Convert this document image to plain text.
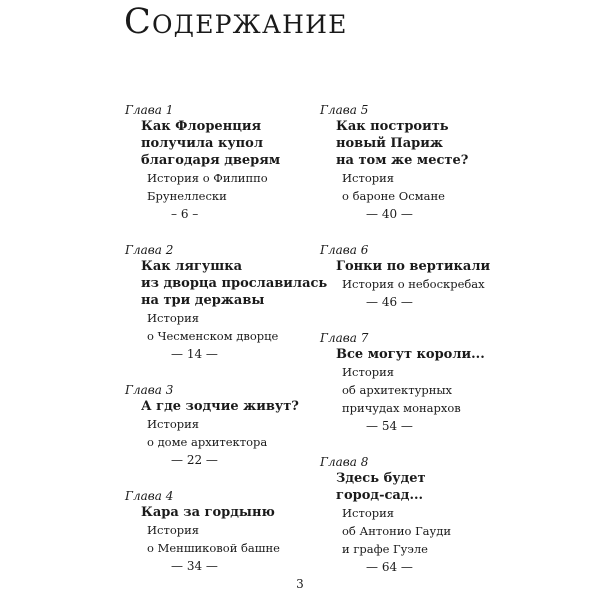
Содержание
Глава 1
Как Флоренция
получила купол
благодаря дверям
История о Филиппо
Брунеллески
– 6 –
Глава 2
Как лягушка
из дворца прославилась
на три державы
История
о Чесменском дворце
— 14 —
Глава 3
А где зодчие живут?
История
о доме архитектора
— 22 —
Глава 4
Кара за гордыню
История
о Меншиковой башне
— 34 —
Глава 5
Как построить
новый Париж
на том же месте?
История
о бароне Османе
— 40 —
Глава 6
Гонки по вертикали
История о небоскребах
— 46 —
Глава 7
Все могут короли...
История
об архитектурных
причудах монархов
— 54 —
Глава 8
Здесь будет
город-сад...
История
об Антонио Гауди
и графе Гуэле
— 64 —
3
